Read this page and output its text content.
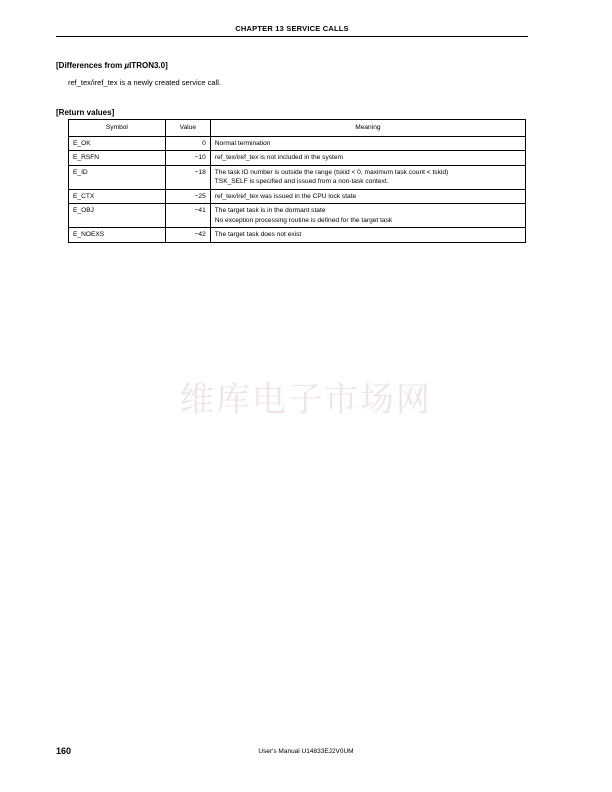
CHAPTER 13 SERVICE CALLS
[Differences from µITRON3.0]
ref_tex/iref_tex is a newly created service call.
[Return values]
Symbol	Value	Meaning
E_OK	0	Normal termination

E_RSFN	−10	ref_tex/iref_tex is not included in the system

E_ID	−18	The task ID number is outside the range (tskid < 0, maximum task count < tskid)
TSK_SELF is specified and issued from a non-task context.

E_CTX	−25	ref_tex/iref_tex was issued in the CPU lock state

E_OBJ	−41	The target task is in the dormant state
No exception processing routine is defined for the target task

E_NOEXS	−42	The target task does not exist
维库电子市场网
160	User's Manual U14833EJ2V0UM
